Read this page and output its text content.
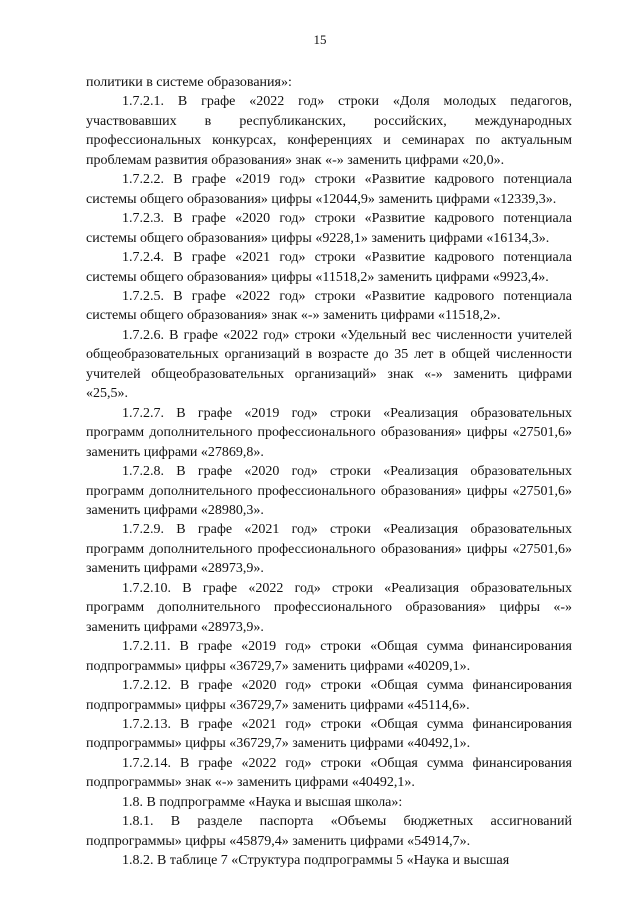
15

политики в системе образования»:

1.7.2.1. В графе «2022 год» строки «Доля молодых педагогов, участвовавших в республиканских, российских, международных профессиональных конкурсах, конференциях и семинарах по актуальным проблемам развития образования» знак «-» заменить цифрами «20,0».

1.7.2.2. В графе «2019 год» строки «Развитие кадрового потенциала системы общего образования» цифры «12044,9» заменить цифрами «12339,3».

1.7.2.3. В графе «2020 год» строки «Развитие кадрового потенциала системы общего образования» цифры «9228,1» заменить цифрами «16134,3».

1.7.2.4. В графе «2021 год» строки «Развитие кадрового потенциала системы общего образования» цифры «11518,2» заменить цифрами «9923,4».

1.7.2.5. В графе «2022 год» строки «Развитие кадрового потенциала системы общего образования» знак «-» заменить цифрами «11518,2».

1.7.2.6. В графе «2022 год» строки «Удельный вес численности учителей общеобразовательных организаций в возрасте до 35 лет в общей численности учителей общеобразовательных организаций» знак «-» заменить цифрами «25,5».

1.7.2.7. В графе «2019 год» строки «Реализация образовательных программ дополнительного профессионального образования» цифры «27501,6» заменить цифрами «27869,8».

1.7.2.8. В графе «2020 год» строки «Реализация образовательных программ дополнительного профессионального образования» цифры «27501,6» заменить цифрами «28980,3».

1.7.2.9. В графе «2021 год» строки «Реализация образовательных программ дополнительного профессионального образования» цифры «27501,6» заменить цифрами «28973,9».

1.7.2.10. В графе «2022 год» строки «Реализация образовательных программ дополнительного профессионального образования» цифры «-» заменить цифрами «28973,9».

1.7.2.11. В графе «2019 год» строки «Общая сумма финансирования подпрограммы» цифры «36729,7» заменить цифрами «40209,1».

1.7.2.12. В графе «2020 год» строки «Общая сумма финансирования подпрограммы» цифры «36729,7» заменить цифрами «45114,6».

1.7.2.13. В графе «2021 год» строки «Общая сумма финансирования подпрограммы» цифры «36729,7» заменить цифрами «40492,1».

1.7.2.14. В графе «2022 год» строки «Общая сумма финансирования подпрограммы» знак «-» заменить цифрами «40492,1».

1.8. В подпрограмме «Наука и высшая школа»:

1.8.1. В разделе паспорта «Объемы бюджетных ассигнований подпрограммы» цифры «45879,4» заменить цифрами «54914,7».

1.8.2. В таблице 7 «Структура подпрограммы 5 «Наука и высшая
